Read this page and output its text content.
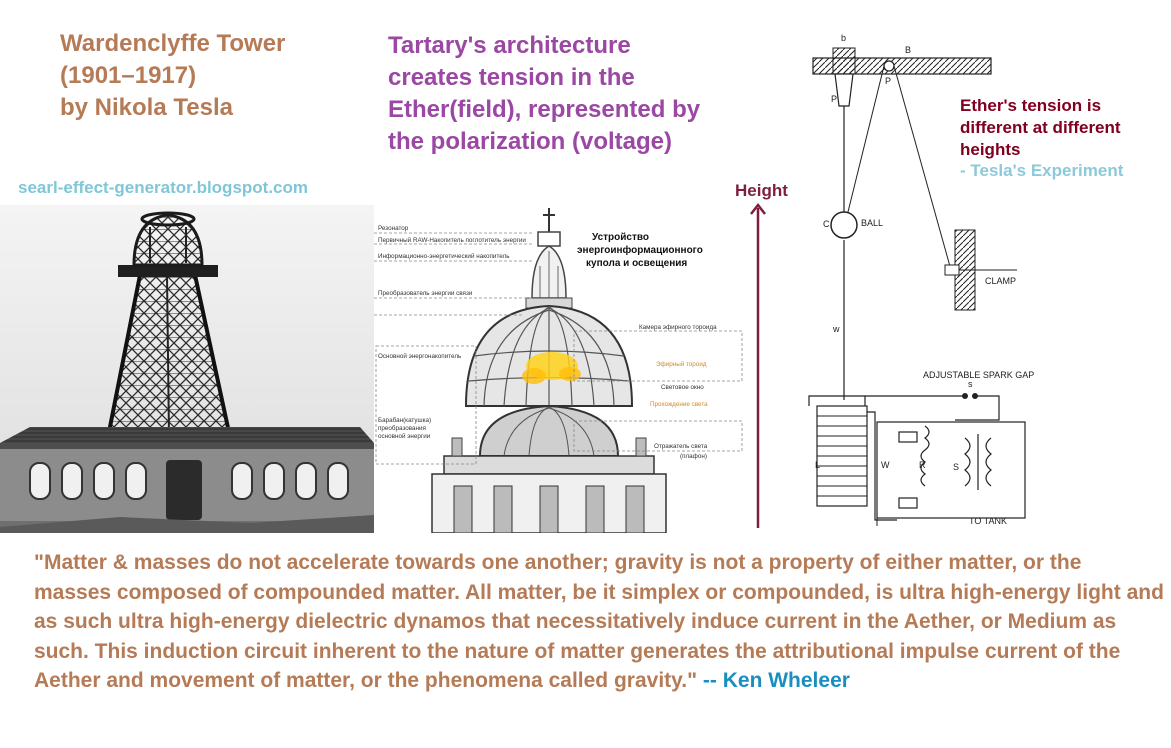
Wardenclyffe Tower
(1901–1917)
by Nikola Tesla
Tartary's architecture
creates tension in the
Ether(field), represented by
the polarization (voltage)
searl-effect-generator.blogspot.com	Height
Ether's tension is
different at different
heights
- Tesla's Experiment
Устройство
энергоинформационного
купола и освещения
Резонатор
Первичный RAW-Накопитель поглотитель энергии
Информационно-энергетический накопитель
Преобразователь энергии связи
Основной энергонакопитель
Барабан(катушка)
преобразования
основной энергии
Камера эфирного тороида
Эфирный тороид
Световое окно
Прохождение света
Отражатель света
(плафон)
b
B
P
P
C	BALL
CLAMP
w
ADJUSTABLE SPARK GAP
s
L	W	R	S
TO TANK
"Matter & masses do not accelerate towards one another; gravity is not a property of either matter, or the masses composed of compounded matter. All matter, be it simplex or compounded, is ultra high-energy light and as such ultra high-energy dielectric dynamos that necessitatively induce current in the Aether, or Medium as such. This induction circuit inherent to the nature of matter generates the attributional impulse current of the Aether and movement of matter, or the phenomena called gravity." -- Ken Wheleer
